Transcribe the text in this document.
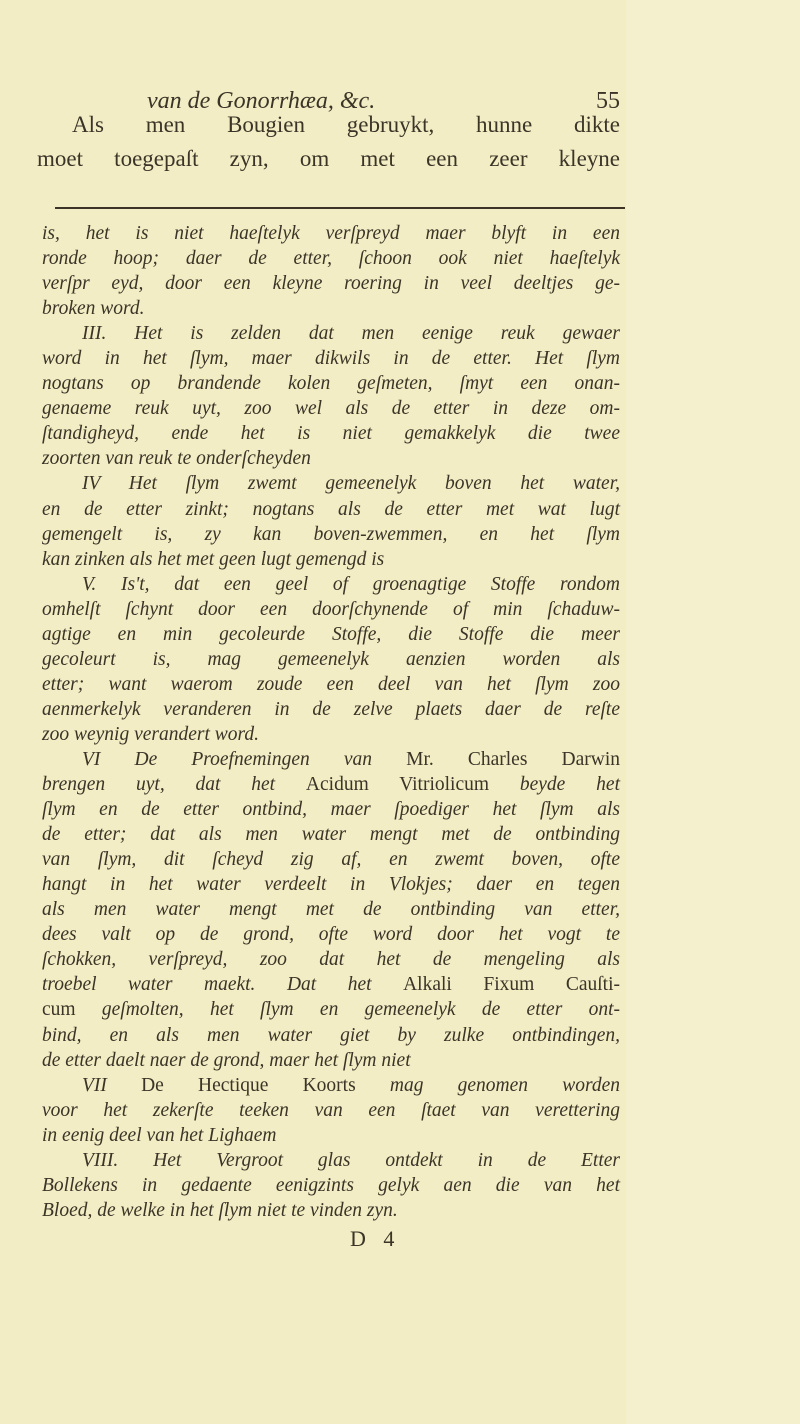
van de Gonorrhæa, &c.	55
Als men Bougien gebruykt, hunne dikte
moet toegepaſt zyn, om met een zeer kleyne
is, het is niet haeſtelyk verſpreyd maer blyft in een
ronde hoop; daer de etter, ſchoon ook niet haeſtelyk
verſpr eyd, door een kleyne roering in veel deeltjes ge-
broken word.
III. Het is zelden dat men eenige reuk gewaer
word in het ſlym, maer dikwils in de etter. Het ſlym
nogtans op brandende kolen geſmeten, ſmyt een onan-
genaeme reuk uyt, zoo wel als de etter in deze om-
ſtandigheyd, ende het is niet gemakkelyk die twee
zoorten van reuk te onderſcheyden
IV Het ſlym zwemt gemeenelyk boven het water,
en de etter zinkt; nogtans als de etter met wat lugt
gemengelt is, zy kan boven-zwemmen, en het ſlym
kan zinken als het met geen lugt gemengd is
V. Is't, dat een geel of groenagtige Stoffe rondom
omhelſt ſchynt door een doorſchynende of min ſchaduw-
agtige en min gecoleurde Stoffe, die Stoffe die meer
gecoleurt is, mag gemeenelyk aenzien worden als
etter; want waerom zoude een deel van het ſlym zoo
aenmerkelyk veranderen in de zelve plaets daer de reſte
zoo weynig verandert word.
VI De Proefnemingen van Mr. Charles Darwin
brengen uyt, dat het Acidum Vitriolicum beyde het
ſlym en de etter ontbind, maer ſpoediger het ſlym als
de etter; dat als men water mengt met de ontbinding
van ſlym, dit ſcheyd zig af, en zwemt boven, ofte
hangt in het water verdeelt in Vlokjes; daer en tegen
als men water mengt met de ontbinding van etter,
dees valt op de grond, ofte word door het vogt te
ſchokken, verſpreyd, zoo dat het de mengeling als
troebel water maekt. Dat het Alkali Fixum Cauſti-
cum geſmolten, het ſlym en gemeenelyk de etter ont-
bind, en als men water giet by zulke ontbindingen,
de etter daelt naer de grond, maer het ſlym niet
VII De Hectique Koorts mag genomen worden
voor het zekerſte teeken van een ſtaet van verettering
in eenig deel van het Lighaem
VIII. Het Vergroot glas ontdekt in de Etter
Bollekens in gedaente eenigzints gelyk aen die van het
Bloed, de welke in het ſlym niet te vinden zyn.
D 4
